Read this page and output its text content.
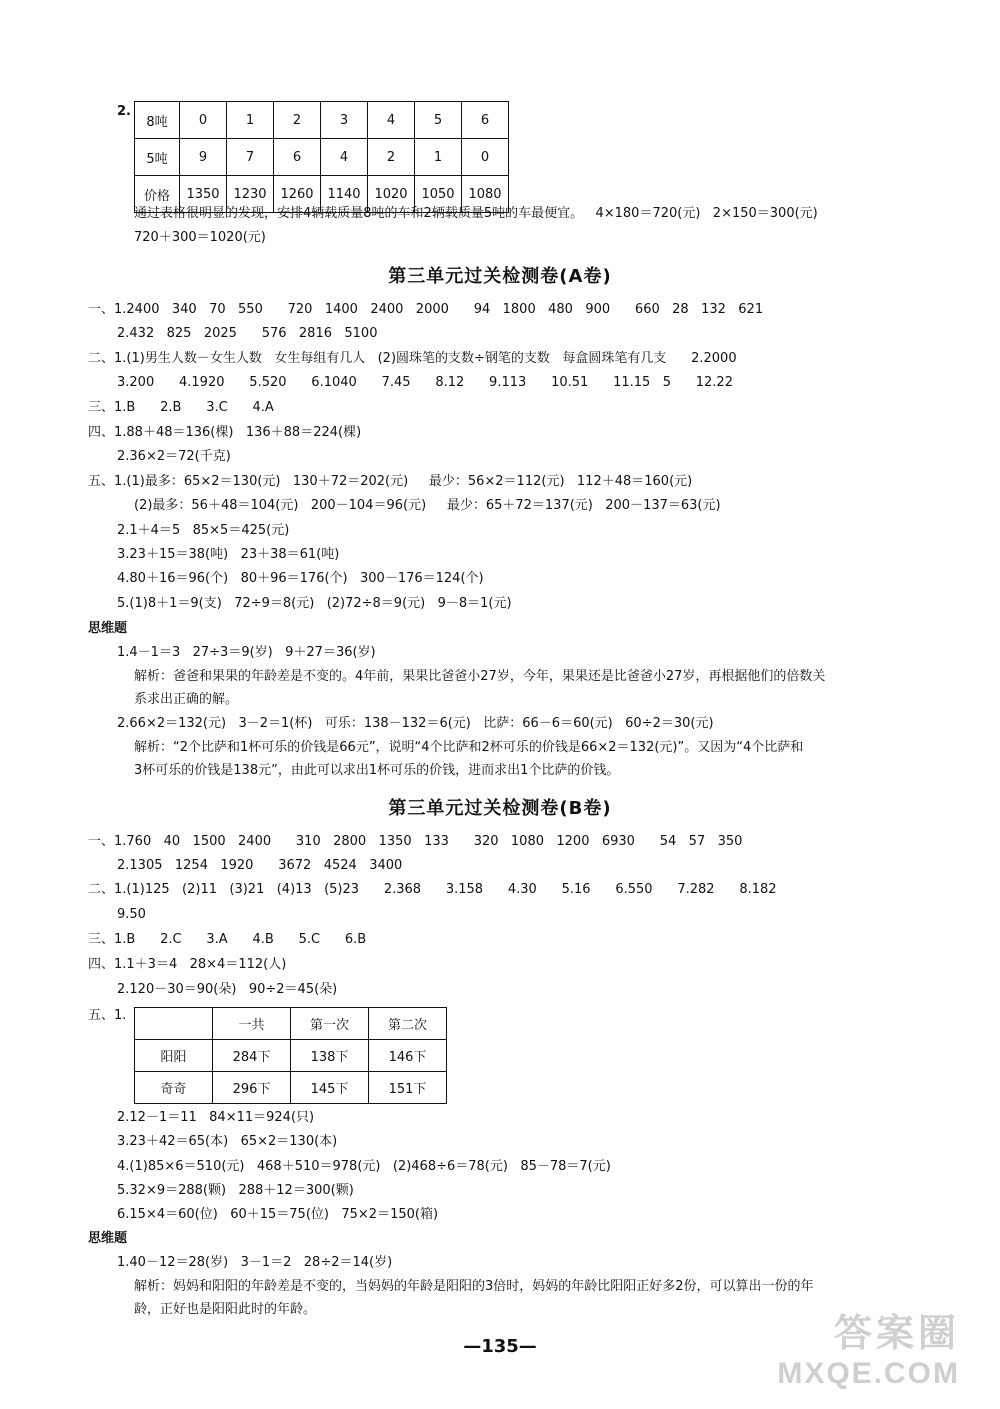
2.
8吨	0	1	2	3	4	5	6
5吨	9	7	6	4	2	1	0
价格	1350	1230	1260	1140	1020	1050	1080
通过表格很明显的发现，安排4辆载质量8吨的车和2辆载质量5吨的车最便宜。   4×180＝720(元)   2×150＝300(元)
720＋300＝1020(元)
第三单元过关检测卷(A卷)
一、1.2400   340   70   550      720   1400   2400   2000      94   1800   480   900      660   28   132   621
2.432   825   2025      576   2816   5100
二、1.(1)男生人数－女生人数   女生每组有几人   (2)圆珠笔的支数÷钢笔的支数   每盒圆珠笔有几支      2.2000
3.200      4.1920      5.520      6.1040      7.45      8.12      9.113      10.51      11.15   5      12.22
三、1.B      2.B      3.C      4.A
四、1.88＋48＝136(棵)   136＋88＝224(棵)
2.36×2＝72(千克)
五、1.(1)最多：65×2＝130(元)   130＋72＝202(元)     最少：56×2＝112(元)   112＋48＝160(元)
(2)最多：56＋48＝104(元)   200－104＝96(元)     最少：65＋72＝137(元)   200－137＝63(元)
2.1＋4＝5   85×5＝425(元)
3.23＋15＝38(吨)   23＋38＝61(吨)
4.80＋16＝96(个)   80＋96＝176(个)   300－176＝124(个)
5.(1)8＋1＝9(支)   72÷9＝8(元)   (2)72÷8＝9(元)   9－8＝1(元)
思维题
1.4－1＝3   27÷3＝9(岁)   9＋27＝36(岁)
解析：爸爸和果果的年龄差是不变的。4年前，果果比爸爸小27岁，今年，果果还是比爸爸小27岁，再根据他们的倍数关
系求出正确的解。
2.66×2＝132(元)   3－2＝1(杯)   可乐：138－132＝6(元)   比萨：66－6＝60(元)   60÷2＝30(元)
解析：“2个比萨和1杯可乐的价钱是66元”，说明“4个比萨和2杯可乐的价钱是66×2＝132(元)”。又因为“4个比萨和
3杯可乐的价钱是138元”，由此可以求出1杯可乐的价钱，进而求出1个比萨的价钱。
第三单元过关检测卷(B卷)
一、1.760   40   1500   2400      310   2800   1350   133      320   1080   1200   6930      54   57   350
2.1305   1254   1920      3672   4524   3400
二、1.(1)125   (2)11   (3)21   (4)13   (5)23      2.368      3.158      4.30      5.16      6.550      7.282      8.182
9.50
三、1.B      2.C      3.A      4.B      5.C      6.B
四、1.1＋3＝4   28×4＝112(人)
2.120－30＝90(朵)   90÷2＝45(朵)
五、1.
	一共	第一次	第二次
阳阳	284下	138下	146下
奇奇	296下	145下	151下
2.12－1＝11   84×11＝924(只)
3.23＋42＝65(本)   65×2＝130(本)
4.(1)85×6＝510(元)   468＋510＝978(元)   (2)468÷6＝78(元)   85－78＝7(元)
5.32×9＝288(颗)   288＋12＝300(颗)
6.15×4＝60(位)   60＋15＝75(位)   75×2＝150(箱)
思维题
1.40－12＝28(岁)   3－1＝2   28÷2＝14(岁)
解析：妈妈和阳阳的年龄差是不变的，当妈妈的年龄是阳阳的3倍时，妈妈的年龄比阳阳正好多2份，可以算出一份的年
龄，正好也是阳阳此时的年龄。
—135—	答案圈
MXQE.COM
